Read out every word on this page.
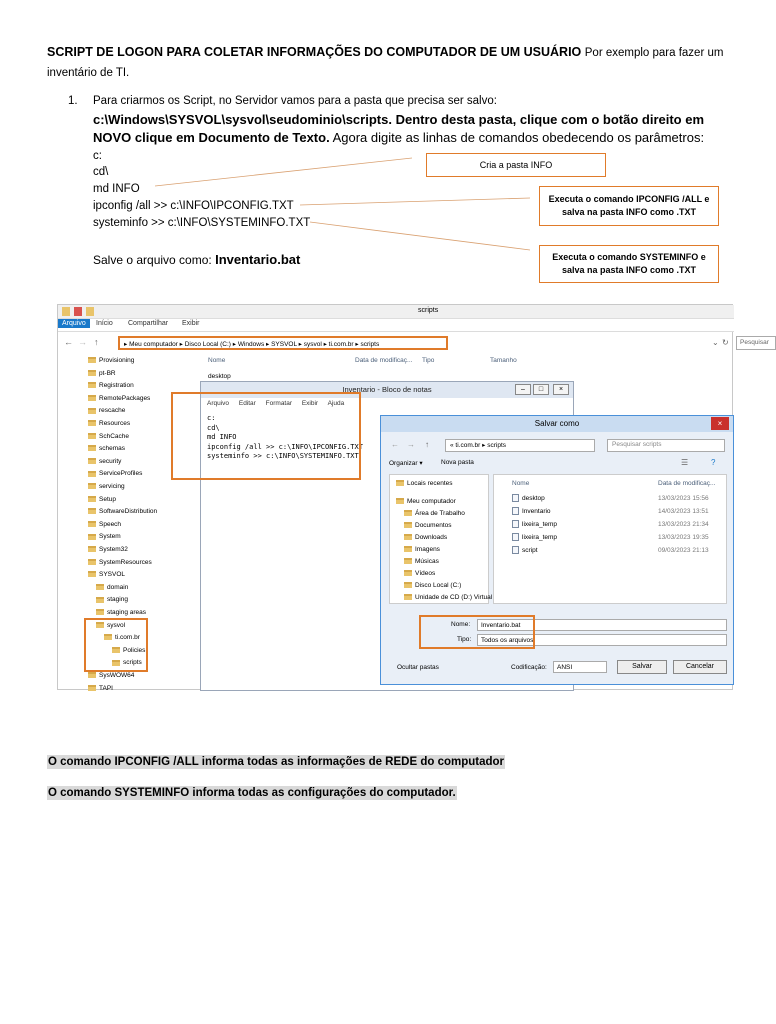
SCRIPT DE LOGON PARA COLETAR INFORMAÇÕES DO COMPUTADOR DE UM USUÁRIO Por exemplo para fazer um inventário de TI.
1. Para criarmos os Script, no Servidor vamos para a pasta que precisa ser salvo:
c:\Windows\SYSVOL\sysvol\seudominio\scripts. Dentro desta pasta, clique com o botão direito em NOVO clique em Documento de Texto. Agora digite as linhas de comandos obedecendo os parâmetros:
c:
cd\
md INFO
ipconfig /all >> c:\INFO\IPCONFIG.TXT
systeminfo >> c:\INFO\SYSTEMINFO.TXT
Cria a pasta INFO
Executa o comando IPCONFIG /ALL e salva na pasta INFO como .TXT
Executa o comando SYSTEMINFO e salva na pasta INFO como .TXT
Salve o arquivo como: Inventario.bat
scripts
Arquivo	Início Compartilhar Exibir
← → ↑	▸ Meu computador ▸ Disco Local (C:) ▸ Windows ▸ SYSVOL ▸ sysvol ▸ ti.com.br ▸ scripts	⌄ ↻	Pesquisar
Nome	Data de modificaç... Tipo	Tamanho
desktop
Provisioning
pt-BR
Registration
RemotePackages
rescache
Resources
SchCache
schemas
security
ServiceProfiles
servicing
Setup
SoftwareDistribution
Speech
System
System32
SystemResources
SYSVOL
domain
staging
staging areas
sysvol
ti.com.br
Policies
scripts
SysWOW64
TAPI
Inventario - Bloco de notas	–	□	×
Arquivo Editar Formatar Exibir Ajuda
c:
cd\
md INFO
ipconfig /all >> c:\INFO\IPCONFIG.TXT
systeminfo >> c:\INFO\SYSTEMINFO.TXT
Salvar como	×
← → ↑	« ti.com.br ▸ scripts	Pesquisar scripts
Organizar ▾	Nova pasta	☰	?
Locais recentes
Meu computador
Área de Trabalho
Documentos
Downloads
Imagens
Músicas
Vídeos
Disco Local (C:)
Unidade de CD (D:) Virtual
Nome	Data de modificaç...
desktop	13/03/2023 15:56
Inventario	14/03/2023 13:51
lixeira_temp	13/03/2023 21:34
lixeira_temp	13/03/2023 19:35
script	09/03/2023 21:13
Nome:	Inventario.bat
Tipo:	Todos os arquivos
Ocultar pastas	Codificação:	ANSI	Salvar	Cancelar
O comando IPCONFIG /ALL informa todas as informações de REDE do computador
O comando SYSTEMINFO informa todas as configurações do computador.
